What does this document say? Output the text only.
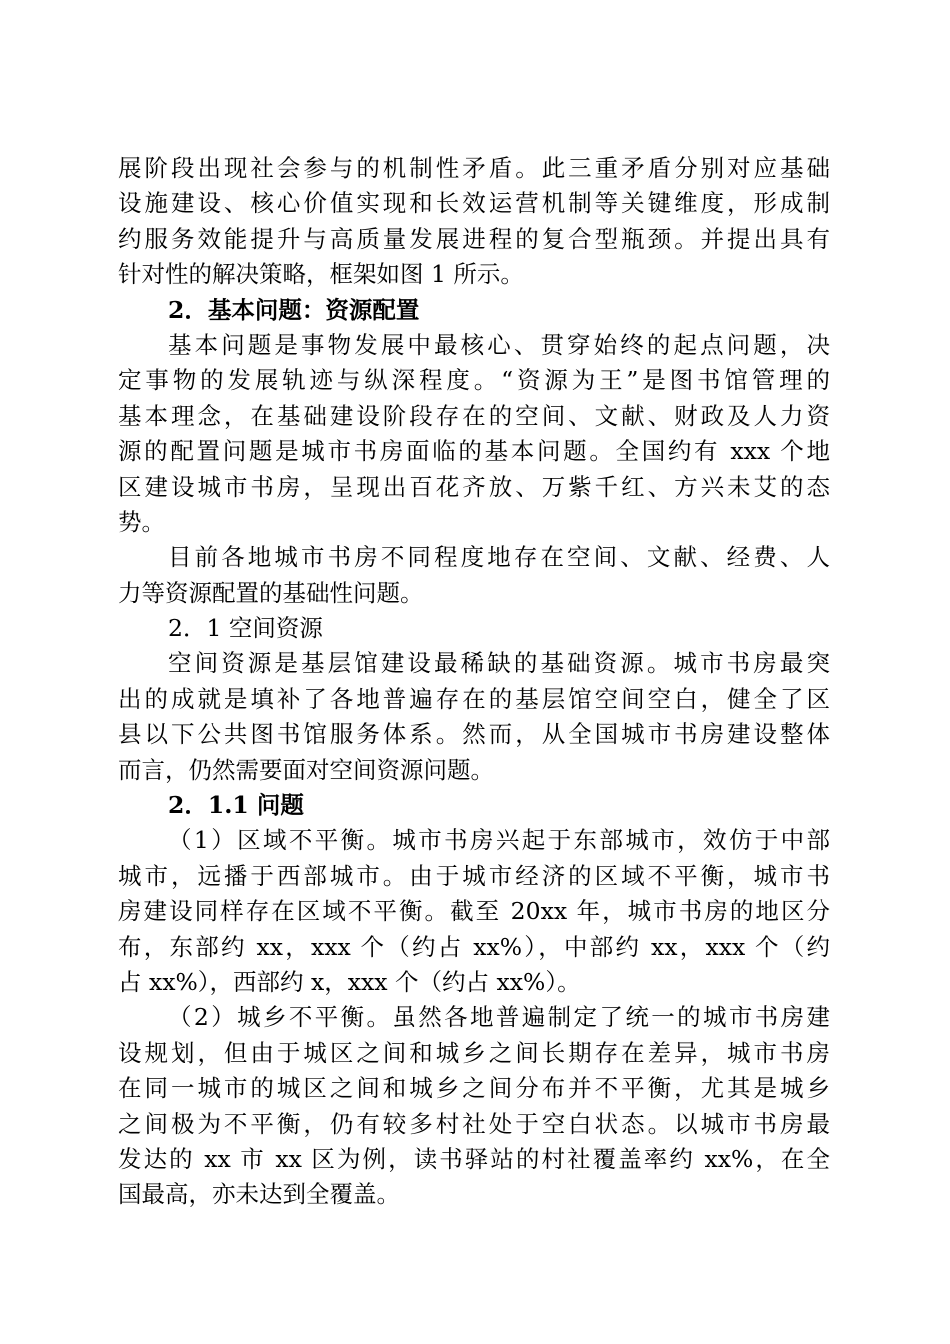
展阶段出现社会参与的机制性矛盾。此三重矛盾分别对应基础
设施建设、核心价值实现和长效运营机制等关键维度，形成制
约服务效能提升与高质量发展进程的复合型瓶颈。并提出具有
针对性的解决策略，框架如图 1 所示。
2．基本问题：资源配置
基本问题是事物发展中最核心、贯穿始终的起点问题，决
定事物的发展轨迹与纵深程度。“资源为王”是图书馆管理的
基本理念，在基础建设阶段存在的空间、文献、财政及人力资
源的配置问题是城市书房面临的基本问题。全国约有 xxx 个地
区建设城市书房，呈现出百花齐放、万紫千红、方兴未艾的态
势。
目前各地城市书房不同程度地存在空间、文献、经费、人
力等资源配置的基础性问题。
2．1 空间资源
空间资源是基层馆建设最稀缺的基础资源。城市书房最突
出的成就是填补了各地普遍存在的基层馆空间空白，健全了区
县以下公共图书馆服务体系。然而，从全国城市书房建设整体
而言，仍然需要面对空间资源问题。
2．1.1 问题
（1）区域不平衡。城市书房兴起于东部城市，效仿于中部
城市，远播于西部城市。由于城市经济的区域不平衡，城市书
房建设同样存在区域不平衡。截至 20xx 年，城市书房的地区分
布，东部约 xx，xxx 个（约占 xx%），中部约 xx，xxx 个（约
占 xx%），西部约 x，xxx 个（约占 xx%）。
（2）城乡不平衡。虽然各地普遍制定了统一的城市书房建
设规划，但由于城区之间和城乡之间长期存在差异，城市书房
在同一城市的城区之间和城乡之间分布并不平衡，尤其是城乡
之间极为不平衡，仍有较多村社处于空白状态。以城市书房最
发达的 xx 市 xx 区为例，读书驿站的村社覆盖率约 xx%，在全
国最高，亦未达到全覆盖。
